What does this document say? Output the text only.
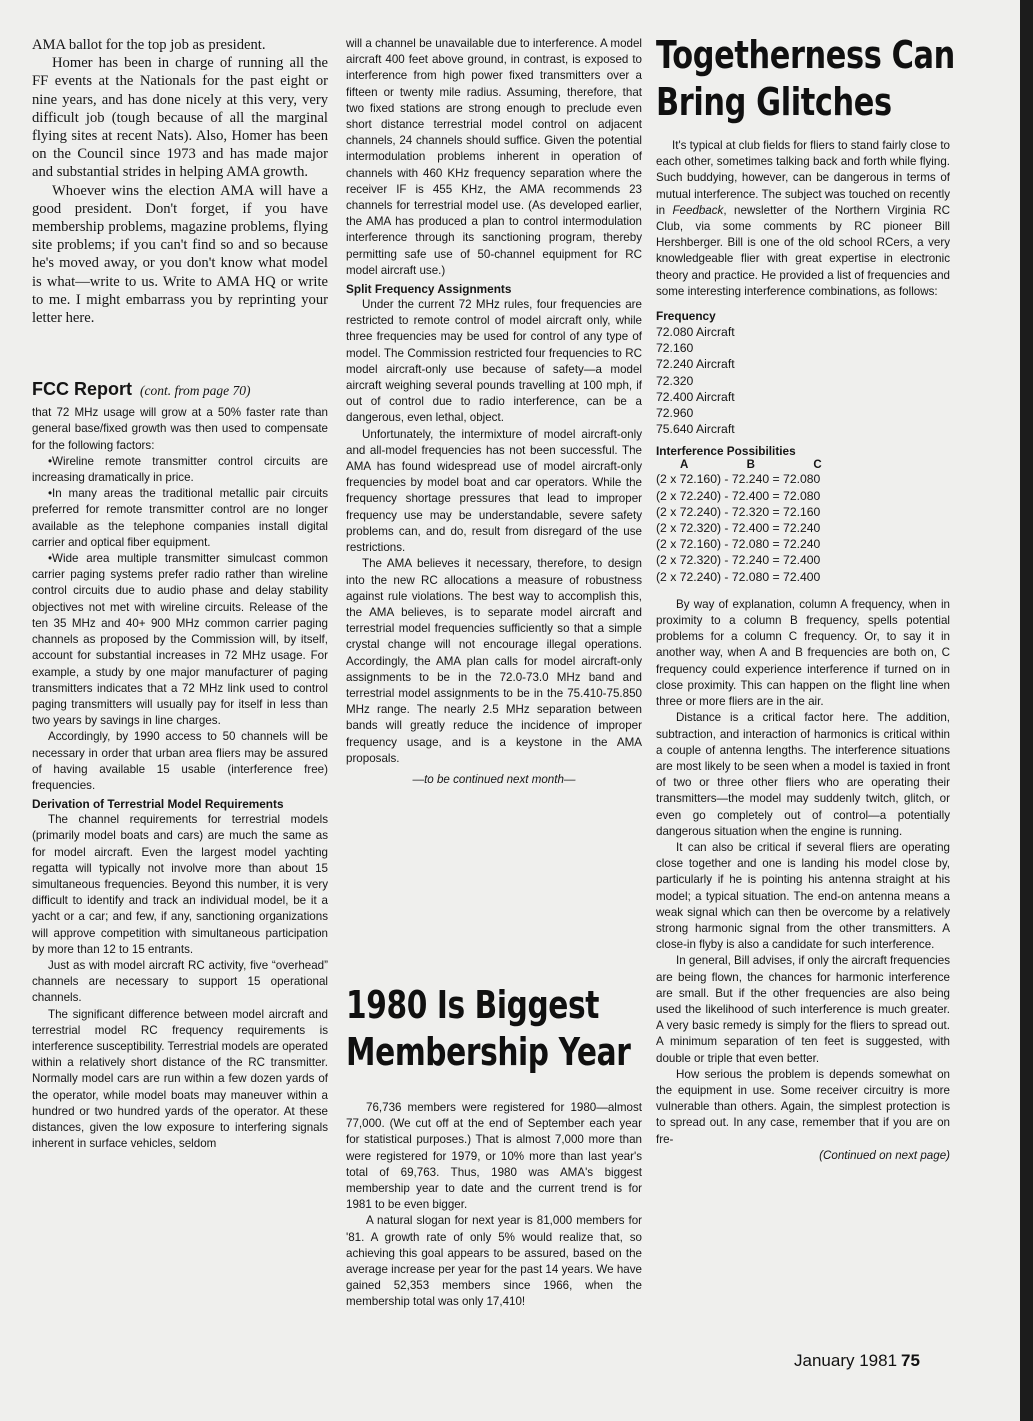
AMA ballot for the top job as president.

Homer has been in charge of running all the FF events at the Nationals for the past eight or nine years, and has done nicely at this very, very difficult job (tough because of all the marginal flying sites at recent Nats). Also, Homer has been on the Council since 1973 and has made major and substantial strides in helping AMA growth.

Whoever wins the election AMA will have a good president. Don't forget, if you have membership problems, magazine problems, flying site problems; if you can't find so and so because he's moved away, or you don't know what model is what—write to us. Write to AMA HQ or write to me. I might embarrass you by reprinting your letter here.

FCC Report (cont. from page 70)

that 72 MHz usage will grow at a 50% faster rate than general base/fixed growth was then used to compensate for the following factors:

•Wireline remote transmitter control circuits are increasing dramatically in price.

•In many areas the traditional metallic pair circuits preferred for remote transmitter control are no longer available as the telephone companies install digital carrier and optical fiber equipment.

•Wide area multiple transmitter simulcast common carrier paging systems prefer radio rather than wireline control circuits due to audio phase and delay stability objectives not met with wireline circuits. Release of the ten 35 MHz and 40+ 900 MHz common carrier paging channels as proposed by the Commission will, by itself, account for substantial increases in 72 MHz usage. For example, a study by one major manufacturer of paging transmitters indicates that a 72 MHz link used to control paging transmitters will usually pay for itself in less than two years by savings in line charges.

Accordingly, by 1990 access to 50 channels will be necessary in order that urban area fliers may be assured of having available 15 usable (interference free) frequencies.

Derivation of Terrestrial Model Requirements

The channel requirements for terrestrial models (primarily model boats and cars) are much the same as for model aircraft. Even the largest model yachting regatta will typically not involve more than about 15 simultaneous frequencies. Beyond this number, it is very difficult to identify and track an individual model, be it a yacht or a car; and few, if any, sanctioning organizations will approve competition with simultaneous participation by more than 12 to 15 entrants.

Just as with model aircraft RC activity, five “overhead” channels are necessary to support 15 operational channels.

The significant difference between model aircraft and terrestrial model RC frequency requirements is interference susceptibility. Terrestrial models are operated within a relatively short distance of the RC transmitter. Normally model cars are run within a few dozen yards of the operator, while model boats may maneuver within a hundred or two hundred yards of the operator. At these distances, given the low exposure to interfering signals inherent in surface vehicles, seldom

will a channel be unavailable due to interference. A model aircraft 400 feet above ground, in contrast, is exposed to interference from high power fixed transmitters over a fifteen or twenty mile radius. Assuming, therefore, that two fixed stations are strong enough to preclude even short distance terrestrial model control on adjacent channels, 24 channels should suffice. Given the potential intermodulation problems inherent in operation of channels with 460 KHz frequency separation where the receiver IF is 455 KHz, the AMA recommends 23 channels for terrestrial model use. (As developed earlier, the AMA has produced a plan to control intermodulation interference through its sanctioning program, thereby permitting safe use of 50-channel equipment for RC model aircraft use.)

Split Frequency Assignments

Under the current 72 MHz rules, four frequencies are restricted to remote control of model aircraft only, while three frequencies may be used for control of any type of model. The Commission restricted four frequencies to RC model aircraft-only use because of safety—a model aircraft weighing several pounds travelling at 100 mph, if out of control due to radio interference, can be a dangerous, even lethal, object.

Unfortunately, the intermixture of model aircraft-only and all-model frequencies has not been successful. The AMA has found widespread use of model aircraft-only frequencies by model boat and car operators. While the frequency shortage pressures that lead to improper frequency use may be understandable, severe safety problems can, and do, result from disregard of the use restrictions.

The AMA believes it necessary, therefore, to design into the new RC allocations a measure of robustness against rule violations. The best way to accomplish this, the AMA believes, is to separate model aircraft and terrestrial model frequencies sufficiently so that a simple crystal change will not encourage illegal operations. Accordingly, the AMA plan calls for model aircraft-only assignments to be in the 72.0-73.0 MHz band and terrestrial model assignments to be in the 75.410-75.850 MHz range. The nearly 2.5 MHz separation between bands will greatly reduce the incidence of improper frequency usage, and is a keystone in the AMA proposals.

—to be continued next month—
1980 Is Biggest
Membership Year

76,736 members were registered for 1980—almost 77,000. (We cut off at the end of September each year for statistical purposes.) That is almost 7,000 more than were registered for 1979, or 10% more than last year's total of 69,763. Thus, 1980 was AMA's biggest membership year to date and the current trend is for 1981 to be even bigger.

A natural slogan for next year is 81,000 members for '81. A growth rate of only 5% would realize that, so achieving this goal appears to be assured, based on the average increase per year for the past 14 years. We have gained 52,353 members since 1966, when the membership total was only 17,410!

Togetherness Can
Bring Glitches

It's typical at club fields for fliers to stand fairly close to each other, sometimes talking back and forth while flying. Such buddying, however, can be dangerous in terms of mutual interference. The subject was touched on recently in Feedback, newsletter of the Northern Virginia RC Club, via some comments by RC pioneer Bill Hershberger. Bill is one of the old school RCers, a very knowledgeable flier with great expertise in electronic theory and practice. He provided a list of frequencies and some interesting interference combinations, as follows:

Frequency
72.080 Aircraft
72.160
72.240 Aircraft
72.320
72.400 Aircraft
72.960
75.640 Aircraft
Interference Possibilities
A	B	C
(2 x 72.160) - 72.240 = 72.080
(2 x 72.240) - 72.400 = 72.080
(2 x 72.240) - 72.320 = 72.160
(2 x 72.320) - 72.400 = 72.240
(2 x 72.160) - 72.080 = 72.240
(2 x 72.320) - 72.240 = 72.400
(2 x 72.240) - 72.080 = 72.400

By way of explanation, column A frequency, when in proximity to a column B frequency, spells potential problems for a column C frequency. Or, to say it in another way, when A and B frequencies are both on, C frequency could experience interference if turned on in close proximity. This can happen on the flight line when three or more fliers are in the air.

Distance is a critical factor here. The addition, subtraction, and interaction of harmonics is critical within a couple of antenna lengths. The interference situations are most likely to be seen when a model is taxied in front of two or three other fliers who are operating their transmitters—the model may suddenly twitch, glitch, or even go completely out of control—a potentially dangerous situation when the engine is running.

It can also be critical if several fliers are operating close together and one is landing his model close by, particularly if he is pointing his antenna straight at his model; a typical situation. The end-on antenna means a weak signal which can then be overcome by a relatively strong harmonic signal from the other transmitters. A close-in flyby is also a candidate for such interference.

In general, Bill advises, if only the aircraft frequencies are being flown, the chances for harmonic interference are small. But if the other frequencies are also being used the likelihood of such interference is much greater. A very basic remedy is simply for the fliers to spread out. A minimum separation of ten feet is suggested, with double or triple that even better.

How serious the problem is depends somewhat on the equipment in use. Some receiver circuitry is more vulnerable than others. Again, the simplest protection is to spread out. In any case, remember that if you are on fre-

(Continued on next page)
January 1981 75
